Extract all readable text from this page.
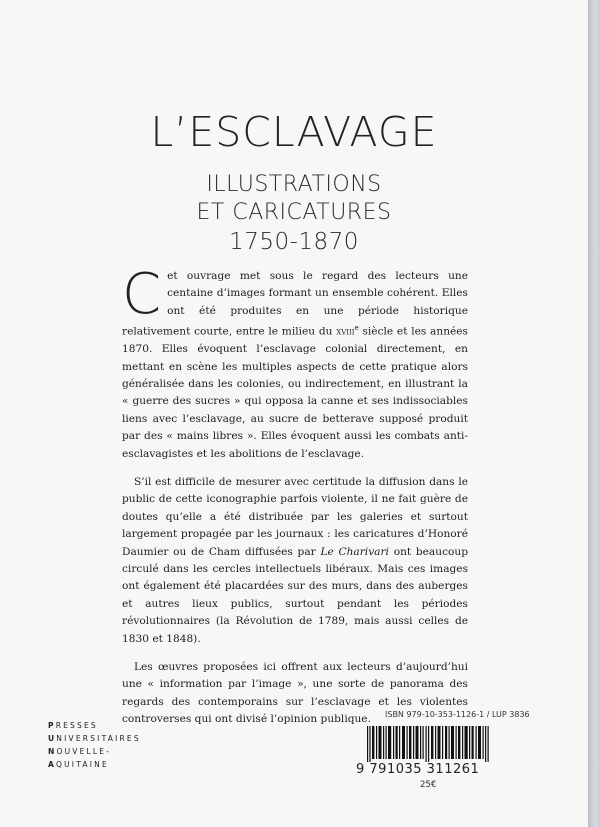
L’ESCLAVAGE
ILLUSTRATIONS
ET CARICATURES
1750-1870

Cet ouvrage met sous le regard des lecteurs une centaine d’images formant un ensemble cohérent. Elles ont été produites en une période historique relativement courte, entre le milieu du xviii$^e$ siècle et les années 1870. Elles évoquent l’esclavage colonial directement, en mettant en scène les multiples aspects de cette pratique alors généralisée dans les colonies, ou indirectement, en illustrant la « guerre des sucres » qui opposa la canne et ses indissociables liens avec l’esclavage, au sucre de betterave supposé produit par des « mains libres ». Elles évoquent aussi les combats anti-esclavagistes et les abolitions de l’esclavage.

S’il est difficile de mesurer avec certitude la diffusion dans le public de cette iconographie parfois violente, il ne fait guère de doutes qu’elle a été distribuée par les galeries et surtout largement propagée par les journaux : les caricatures d’Honoré Daumier ou de Cham diffusées par Le Charivari ont beaucoup circulé dans les cercles intellectuels libéraux. Mais ces images ont également été placardées sur des murs, dans des auberges et autres lieux publics, surtout pendant les périodes révolutionnaires (la Révolution de 1789, mais aussi celles de 1830 et 1848).

Les œuvres proposées ici offrent aux lecteurs d’aujourd’hui une « information par l’image », une sorte de panorama des regards des contemporains sur l’esclavage et les violentes controverses qui ont divisé l’opinion publique.

PRESSES
UNIVERSITAIRES
NOUVELLE-
AQUITAINE
ISBN 979-10-353-1126-1 / LUP 3836
9 791035 311261
25€
